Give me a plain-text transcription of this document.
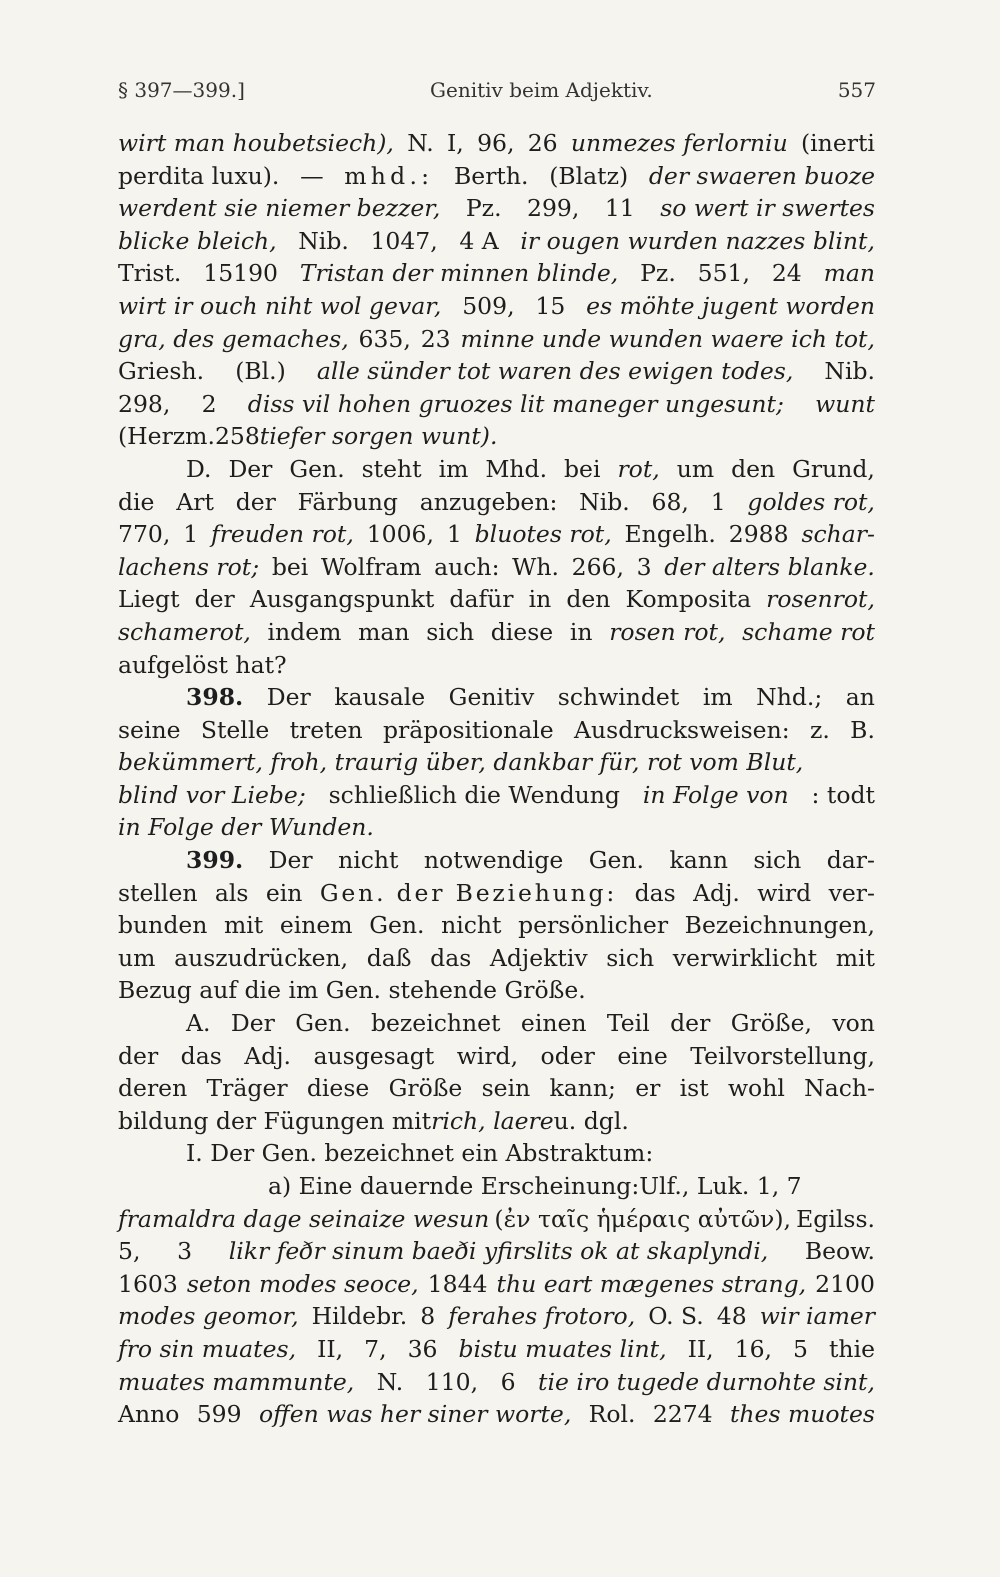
§ 397—399.]	Genitiv beim Adjektiv.	557
wirt man houbetsiech), N. I, 96, 26 unmezes ferlorniu (inerti
perdita luxu). — mhd.: Berth. (Blatz) der swaeren buoze
werdent sie niemer bezzer, Pz. 299, 11 so wert ir swertes
blicke bleich, Nib. 1047, 4 A ir ougen wurden nazzes blint,
Trist. 15190 Tristan der minnen blinde, Pz. 551, 24 man
wirt ir ouch niht wol gevar, 509, 15 es möhte jugent worden
gra, des gemaches, 635, 23 minne unde wunden waere ich tot,
Griesh. (Bl.) alle sünder tot waren des ewigen todes, Nib.
298, 2 diss vil hohen gruozes lit maneger ungesunt; wunt
(Herzm. 258 tiefer sorgen wunt).
D. Der Gen. steht im Mhd. bei rot, um den Grund,
die Art der Färbung anzugeben: Nib. 68, 1 goldes rot,
770, 1 freuden rot, 1006, 1 bluotes rot, Engelh. 2988 schar-
lachens rot; bei Wolfram auch: Wh. 266, 3 der alters blanke.
Liegt der Ausgangspunkt dafür in den Komposita rosenrot,
schamerot, indem man sich diese in rosen rot, schame rot
aufgelöst hat?
398. Der kausale Genitiv schwindet im Nhd.; an
seine Stelle treten präpositionale Ausdrucksweisen: z. B.
bekümmert, froh, traurig über, dankbar für, rot vom Blut,
blind vor Liebe; schließlich die Wendung in Folge von : todt
in Folge der Wunden.
399. Der nicht notwendige Gen. kann sich dar-
stellen als ein Gen. der Beziehung: das Adj. wird ver-
bunden mit einem Gen. nicht persönlicher Bezeichnungen,
um auszudrücken, daß das Adjektiv sich verwirklicht mit
Bezug auf die im Gen. stehende Größe.
A. Der Gen. bezeichnet einen Teil der Größe, von
der das Adj. ausgesagt wird, oder eine Teilvorstellung,
deren Träger diese Größe sein kann; er ist wohl Nach-
bildung der Fügungen mit rich, laere u. dgl.
I. Der Gen. bezeichnet ein Abstraktum:
a) Eine dauernde Erscheinung: Ulf., Luk. 1, 7
framaldra dage seinaize wesun (ἐν ταῖς ἡμέραις αὐτῶν), Egilss.
5, 3 likr feðr sinum baeði yfirslits ok at skaplyndi, Beow.
1603 seton modes seoce, 1844 thu eart mægenes strang, 2100
modes geomor, Hildebr. 8 ferahes frotoro, O. S. 48 wir iamer
fro sin muates, II, 7, 36 bistu muates lint, II, 16, 5 thie
muates mammunte, N. 110, 6 tie iro tugede durnohte sint,
Anno 599 offen was her siner worte, Rol. 2274 thes muotes
